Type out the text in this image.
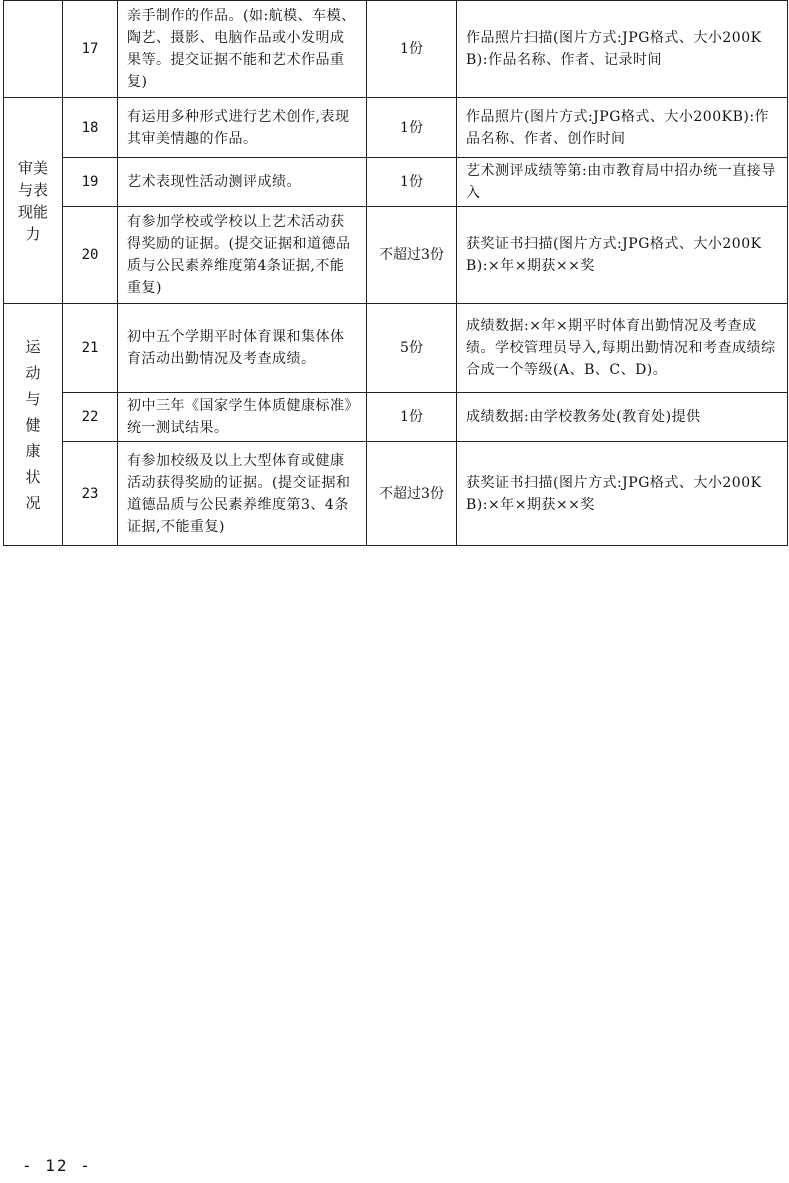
	17	亲手制作的作品。(如:航模、车模、陶艺、摄影、电脑作品或小发明成果等。提交证据不能和艺术作品重复)	1份	作品照片扫描(图片方式:JPG格式、大小200KB):作品名称、作者、记录时间
审美与表现能力	18	有运用多种形式进行艺术创作,表现其审美情趣的作品。	1份	作品照片(图片方式:JPG格式、大小200KB):作品名称、作者、创作时间
	19	艺术表现性活动测评成绩。	1份	艺术测评成绩等第:由市教育局中招办统一直接导入
	20	有参加学校或学校以上艺术活动获得奖励的证据。(提交证据和道德品质与公民素养维度第4条证据,不能重复)	不超过3份	获奖证书扫描(图片方式:JPG格式、大小200KB):×年×期获××奖
运动与健康状况	21	初中五个学期平时体育课和集体体育活动出勤情况及考查成绩。	5份	成绩数据:×年×期平时体育出勤情况及考查成绩。学校管理员导入,每期出勤情况和考查成绩综合成一个等级(A、B、C、D)。
	22	初中三年《国家学生体质健康标准》统一测试结果。	1份	成绩数据:由学校教务处(教育处)提供
	23	有参加校级及以上大型体育或健康活动获得奖励的证据。(提交证据和道德品质与公民素养维度第3、4条证据,不能重复)	不超过3份	获奖证书扫描(图片方式:JPG格式、大小200KB):×年×期获××奖
- 12 -
